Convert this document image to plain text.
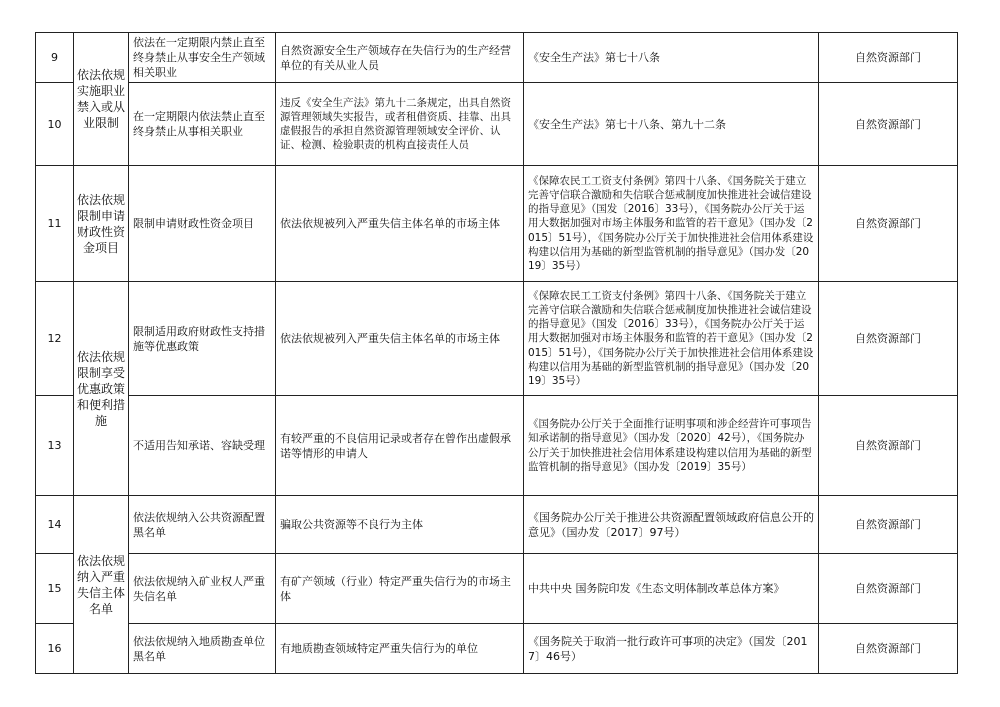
9	依法依规实施职业禁入或从业限制	依法在一定期限内禁止直至终身禁止从事安全生产领域相关职业	自然资源安全生产领域存在失信行为的生产经营单位的有关从业人员	《安全生产法》第七十八条	自然资源部门
10		在一定期限内依法禁止直至终身禁止从事相关职业	违反《安全生产法》第九十二条规定，出具自然资源管理领域失实报告，或者租借资质、挂靠、出具虚假报告的承担自然资源管理领域安全评价、认证、检测、检验职责的机构直接责任人员	《安全生产法》第七十八条、第九十二条	自然资源部门
11	依法依规限制申请财政性资金项目	限制申请财政性资金项目	依法依规被列入严重失信主体名单的市场主体	《保障农民工工资支付条例》第四十八条、《国务院关于建立完善守信联合激励和失信联合惩戒制度加快推进社会诚信建设的指导意见》（国发〔2016〕33号），《国务院办公厅关于运用大数据加强对市场主体服务和监管的若干意见》（国办发〔2015〕51号），《国务院办公厅关于加快推进社会信用体系建设构建以信用为基础的新型监管机制的指导意见》（国办发〔2019〕35号）	自然资源部门
12	依法依规限制享受优惠政策和便利措施	限制适用政府财政性支持措施等优惠政策	依法依规被列入严重失信主体名单的市场主体	《保障农民工工资支付条例》第四十八条、《国务院关于建立完善守信联合激励和失信联合惩戒制度加快推进社会诚信建设的指导意见》（国发〔2016〕33号），《国务院办公厅关于运用大数据加强对市场主体服务和监管的若干意见》（国办发〔2015〕51号），《国务院办公厅关于加快推进社会信用体系建设构建以信用为基础的新型监管机制的指导意见》（国办发〔2019〕35号）	自然资源部门
13		不适用告知承诺、容缺受理	有较严重的不良信用记录或者存在曾作出虚假承诺等情形的申请人	《国务院办公厅关于全面推行证明事项和涉企经营许可事项告知承诺制的指导意见》（国办发〔2020〕42号），《国务院办公厅关于加快推进社会信用体系建设构建以信用为基础的新型监管机制的指导意见》（国办发〔2019〕35号）	自然资源部门
14	依法依规纳入严重失信主体名单	依法依规纳入公共资源配置黑名单	骗取公共资源等不良行为主体	《国务院办公厅关于推进公共资源配置领域政府信息公开的意见》（国办发〔2017〕97号）	自然资源部门
15		依法依规纳入矿业权人严重失信名单	有矿产领域（行业）特定严重失信行为的市场主体	中共中央 国务院印发《生态文明体制改革总体方案》	自然资源部门
16		依法依规纳入地质勘查单位黑名单	有地质勘查领域特定严重失信行为的单位	《国务院关于取消一批行政许可事项的决定》（国发〔2017〕46号）	自然资源部门
